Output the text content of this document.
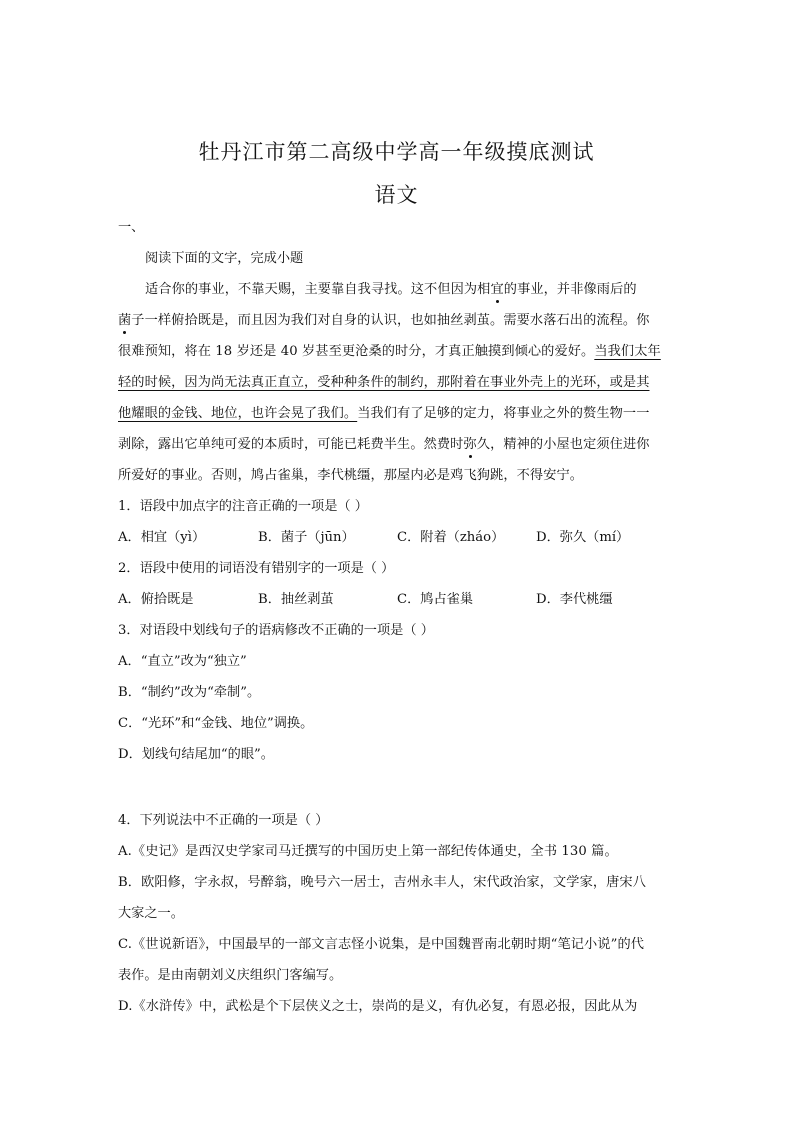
牡丹江市第二高级中学高一年级摸底测试
语文
一、
阅读下面的文字，完成小题
适合你的事业，不靠天赐，主要靠自我寻找。这不但因为相宜的事业，并非像雨后的
菌子一样俯拾既是，而且因为我们对自身的认识，也如抽丝剥茧。需要水落石出的流程。你
很难预知，将在 18 岁还是 40 岁甚至更沧桑的时分，才真正触摸到倾心的爱好。当我们太年
轻的时候，因为尚无法真正直立，受种种条件的制约，那附着在事业外壳上的光环，或是其
他耀眼的金钱、地位，也许会晃了我们。当我们有了足够的定力，将事业之外的赘生物一一
剥除，露出它单纯可爱的本质时，可能已耗费半生。然费时弥久，精神的小屋也定须住进你
所爱好的事业。否则，鸠占雀巢，李代桃缰，那屋内必是鸡飞狗跳，不得安宁。
1．语段中加点字的注音正确的一项是（ ）
A．相宜（yì）	B．菌子（jūn）	C．附着（zháo） D．弥久（mí）
2．语段中使用的词语没有错别字的一项是（ ）
A．俯拾既是	B．抽丝剥茧	C．鸠占雀巢	D．李代桃缰
3．对语段中划线句子的语病修改不正确的一项是（ ）
A．“直立”改为“独立”
B．“制约”改为“牵制”。
C．“光环”和“金钱、地位”调换。
D．划线句结尾加“的眼”。
4．下列说法中不正确的一项是（ ）
A.《史记》是西汉史学家司马迁撰写的中国历史上第一部纪传体通史，全书 130 篇。
B．欧阳修，字永叔，号醉翁，晚号六一居士，吉州永丰人，宋代政治家，文学家，唐宋八
大家之一。
C.《世说新语》，中国最早的一部文言志怪小说集，是中国魏晋南北朝时期“笔记小说”的代
表作。是由南朝刘义庆组织门客编写。
D.《水浒传》中，武松是个下层侠义之士，崇尚的是义，有仇必复，有恩必报，因此从为
